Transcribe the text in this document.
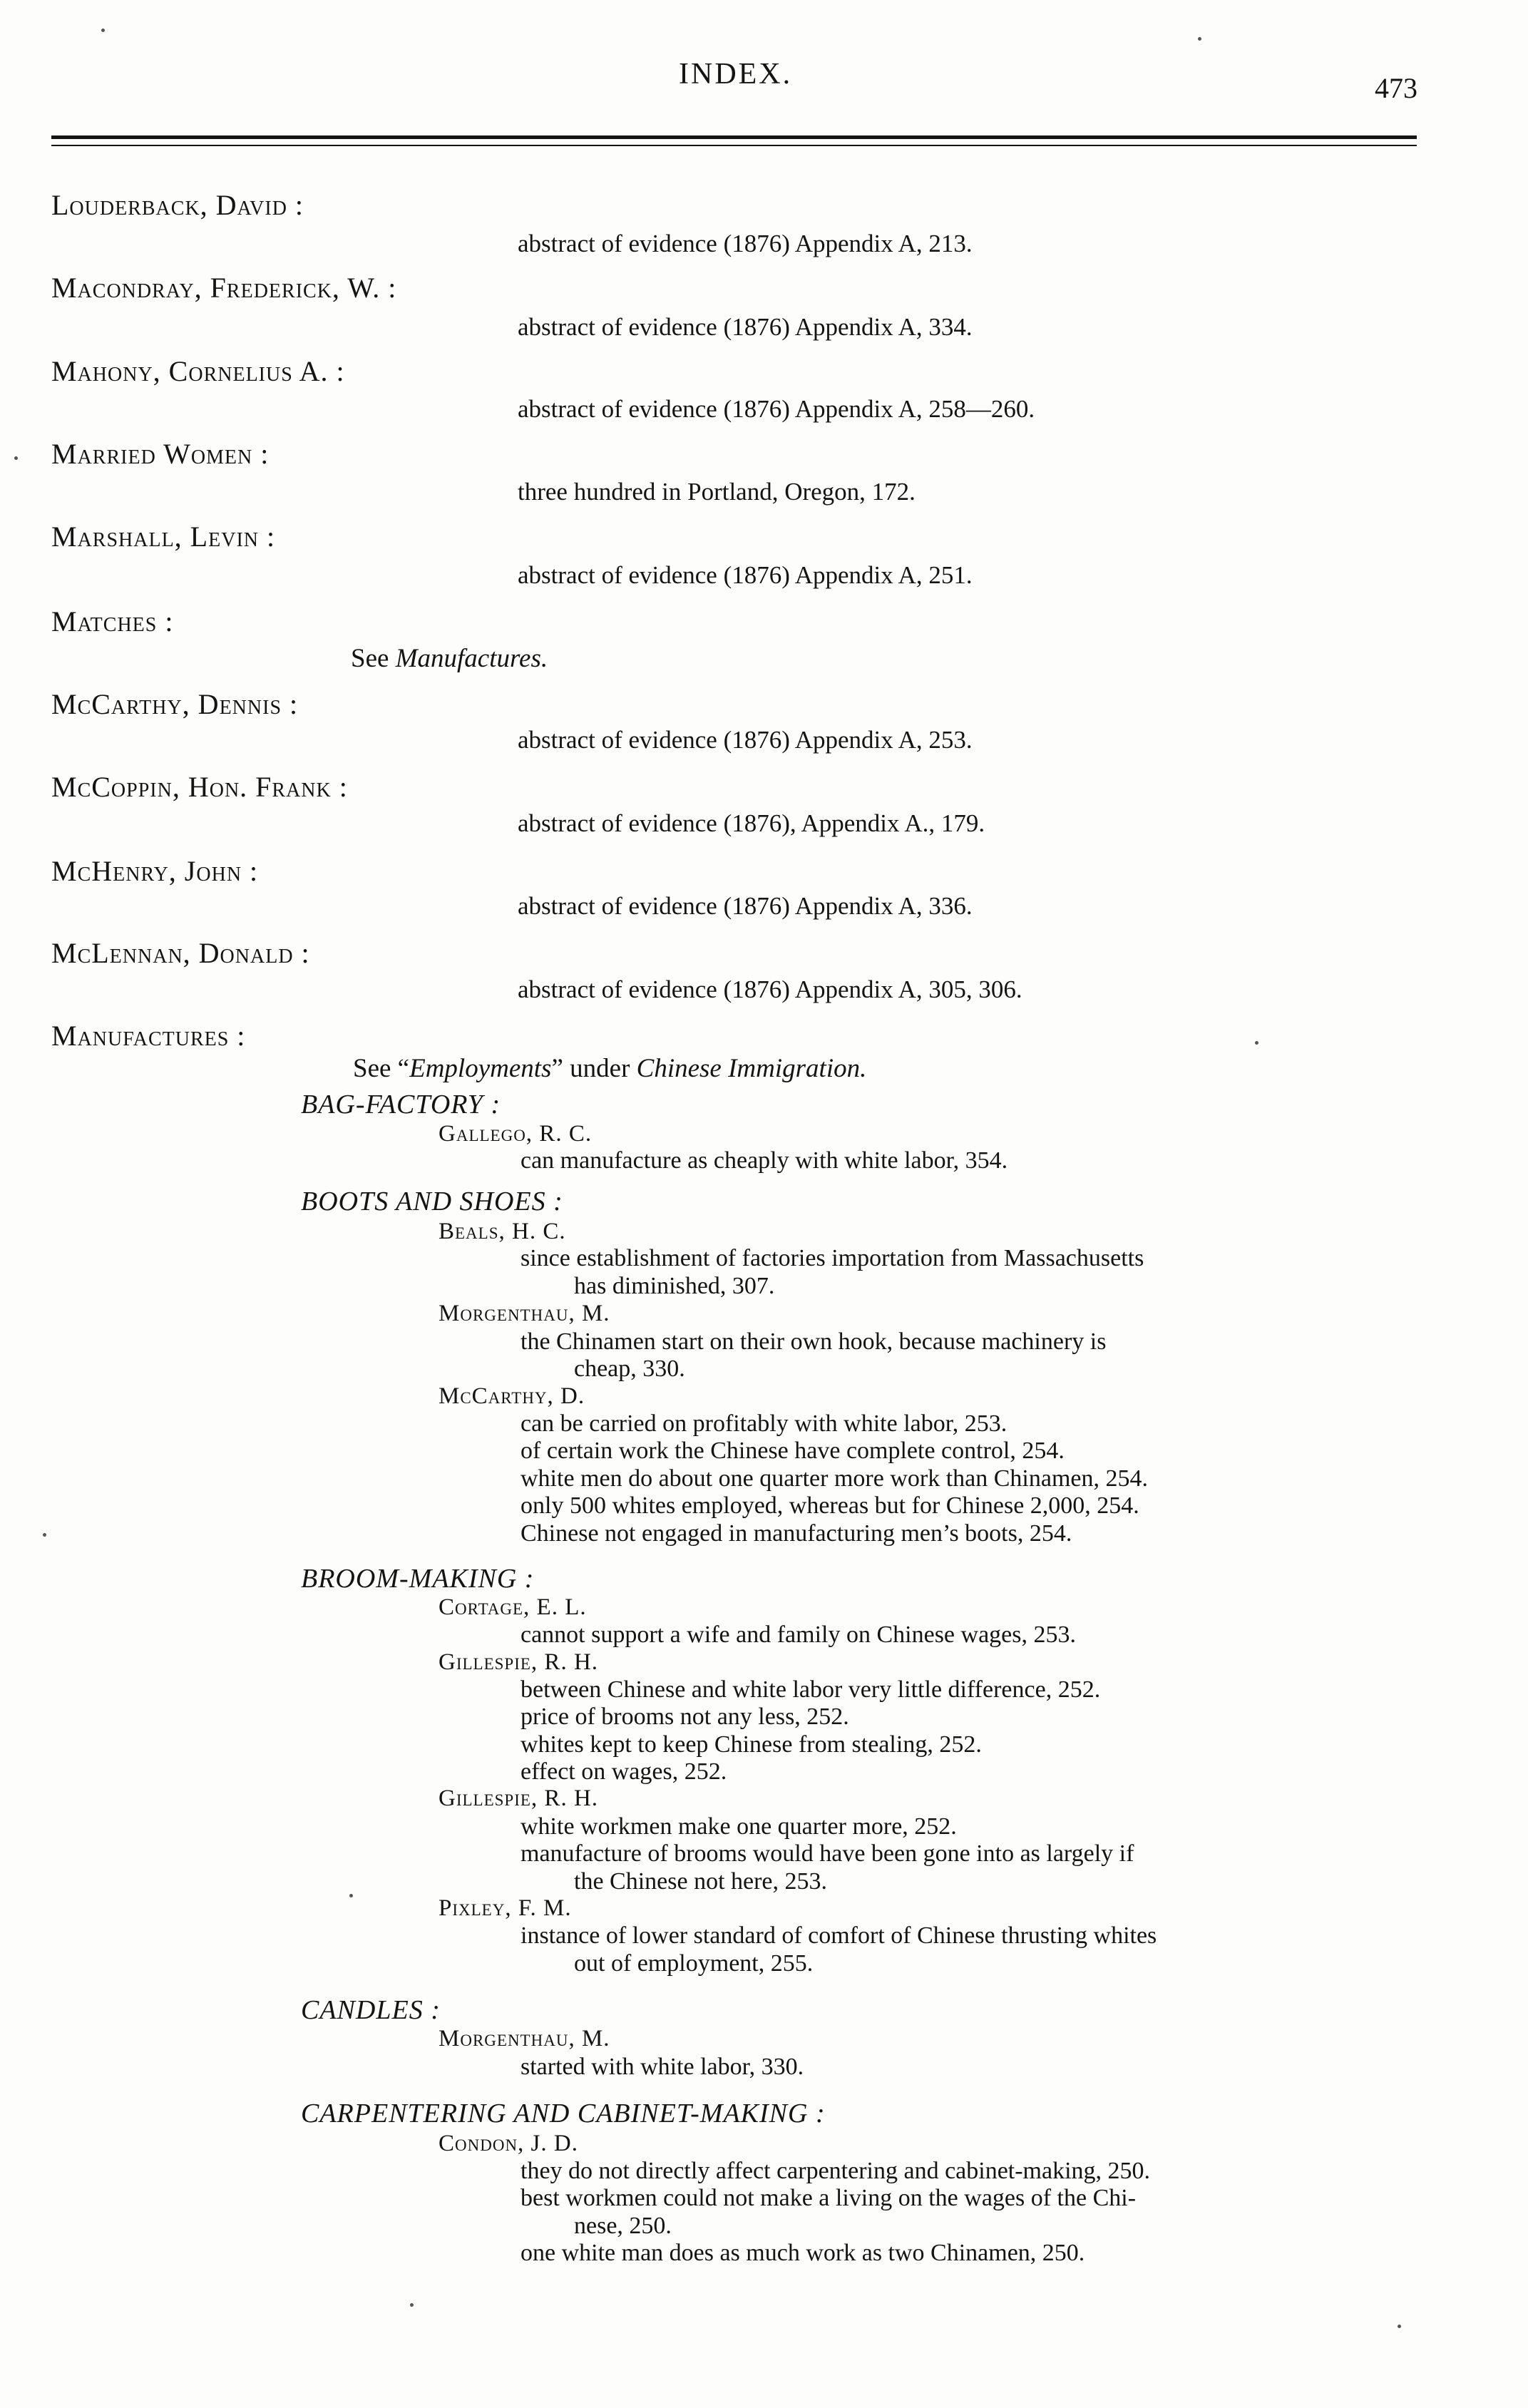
INDEX.	473
Louderback, David :
abstract of evidence (1876) Appendix A, 213.
Macondray, Frederick, W. :
abstract of evidence (1876) Appendix A, 334.
Mahony, Cornelius A. :
abstract of evidence (1876) Appendix A, 258—260.
Married Women :
three hundred in Portland, Oregon, 172.
Marshall, Levin :
abstract of evidence (1876) Appendix A, 251.
Matches :
See Manufactures.
McCarthy, Dennis :
abstract of evidence (1876) Appendix A, 253.
McCoppin, Hon. Frank :
abstract of evidence (1876), Appendix A., 179.
McHenry, John :
abstract of evidence (1876) Appendix A, 336.
McLennan, Donald :
abstract of evidence (1876) Appendix A, 305, 306.
Manufactures :
See “Employments” under Chinese Immigration.
BAG-FACTORY :
Gallego, R. C.
can manufacture as cheaply with white labor, 354.
BOOTS AND SHOES :
Beals, H. C.
since establishment of factories importation from Massachusetts
has diminished, 307.
Morgenthau, M.
the Chinamen start on their own hook, because machinery is
cheap, 330.
McCarthy, D.
can be carried on profitably with white labor, 253.
of certain work the Chinese have complete control, 254.
white men do about one quarter more work than Chinamen, 254.
only 500 whites employed, whereas but for Chinese 2,000, 254.
Chinese not engaged in manufacturing men’s boots, 254.
BROOM-MAKING :
Cortage, E. L.
cannot support a wife and family on Chinese wages, 253.
Gillespie, R. H.
between Chinese and white labor very little difference, 252.
price of brooms not any less, 252.
whites kept to keep Chinese from stealing, 252.
effect on wages, 252.
Gillespie, R. H.
white workmen make one quarter more, 252.
manufacture of brooms would have been gone into as largely if
the Chinese not here, 253.
Pixley, F. M.
instance of lower standard of comfort of Chinese thrusting whites
out of employment, 255.
CANDLES :
Morgenthau, M.
started with white labor, 330.
CARPENTERING AND CABINET-MAKING :
Condon, J. D.
they do not directly affect carpentering and cabinet-making, 250.
best workmen could not make a living on the wages of the Chi-
nese, 250.
one white man does as much work as two Chinamen, 250.
